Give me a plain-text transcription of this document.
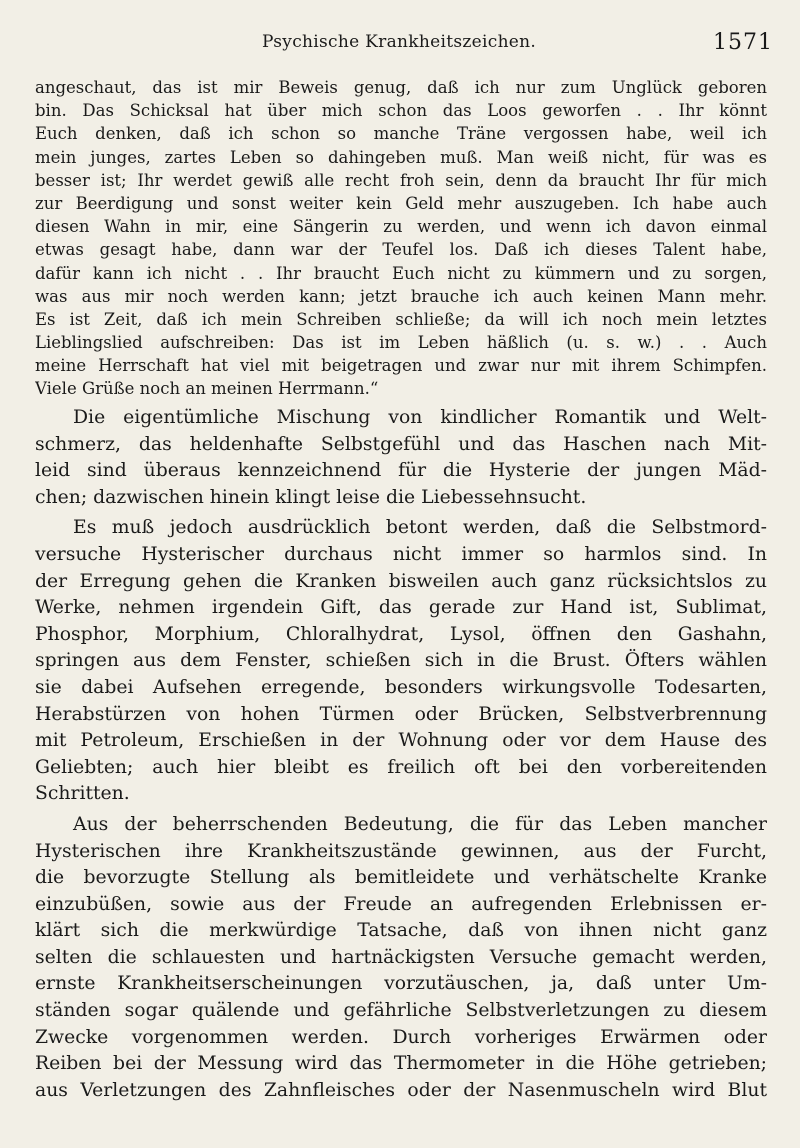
Psychische Krankheitszeichen.	1571
angeschaut, das ist mir Beweis genug, daß ich nur zum Unglück geboren
bin. Das Schicksal hat über mich schon das Loos geworfen . . Ihr könnt
Euch denken, daß ich schon so manche Träne vergossen habe, weil ich
mein junges, zartes Leben so dahingeben muß. Man weiß nicht, für was es
besser ist; Ihr werdet gewiß alle recht froh sein, denn da braucht Ihr für mich
zur Beerdigung und sonst weiter kein Geld mehr auszugeben. Ich habe auch
diesen Wahn in mir, eine Sängerin zu werden, und wenn ich davon einmal
etwas gesagt habe, dann war der Teufel los. Daß ich dieses Talent habe,
dafür kann ich nicht . . Ihr braucht Euch nicht zu kümmern und zu sorgen,
was aus mir noch werden kann; jetzt brauche ich auch keinen Mann mehr.
Es ist Zeit, daß ich mein Schreiben schließe; da will ich noch mein letztes
Lieblingslied aufschreiben: Das ist im Leben häßlich (u. s. w.) . . Auch
meine Herrschaft hat viel mit beigetragen und zwar nur mit ihrem Schimpfen.
Viele Grüße noch an meinen Herrmann.“
Die eigentümliche Mischung von kindlicher Romantik und Welt-
schmerz, das heldenhafte Selbstgefühl und das Haschen nach Mit-
leid sind überaus kennzeichnend für die Hysterie der jungen Mäd-
chen; dazwischen hinein klingt leise die Liebessehnsucht.
Es muß jedoch ausdrücklich betont werden, daß die Selbstmord-
versuche Hysterischer durchaus nicht immer so harmlos sind. In
der Erregung gehen die Kranken bisweilen auch ganz rücksichtslos zu
Werke, nehmen irgendein Gift, das gerade zur Hand ist, Sublimat,
Phosphor, Morphium, Chloralhydrat, Lysol, öffnen den Gashahn,
springen aus dem Fenster, schießen sich in die Brust. Öfters wählen
sie dabei Aufsehen erregende, besonders wirkungsvolle Todesarten,
Herabstürzen von hohen Türmen oder Brücken, Selbstverbrennung
mit Petroleum, Erschießen in der Wohnung oder vor dem Hause des
Geliebten; auch hier bleibt es freilich oft bei den vorbereitenden
Schritten.
Aus der beherrschenden Bedeutung, die für das Leben mancher
Hysterischen ihre Krankheitszustände gewinnen, aus der Furcht,
die bevorzugte Stellung als bemitleidete und verhätschelte Kranke
einzubüßen, sowie aus der Freude an aufregenden Erlebnissen er-
klärt sich die merkwürdige Tatsache, daß von ihnen nicht ganz
selten die schlauesten und hartnäckigsten Versuche gemacht werden,
ernste Krankheitserscheinungen vorzutäuschen, ja, daß unter Um-
ständen sogar quälende und gefährliche Selbstverletzungen zu diesem
Zwecke vorgenommen werden. Durch vorheriges Erwärmen oder
Reiben bei der Messung wird das Thermometer in die Höhe getrieben;
aus Verletzungen des Zahnfleisches oder der Nasenmuscheln wird Blut
